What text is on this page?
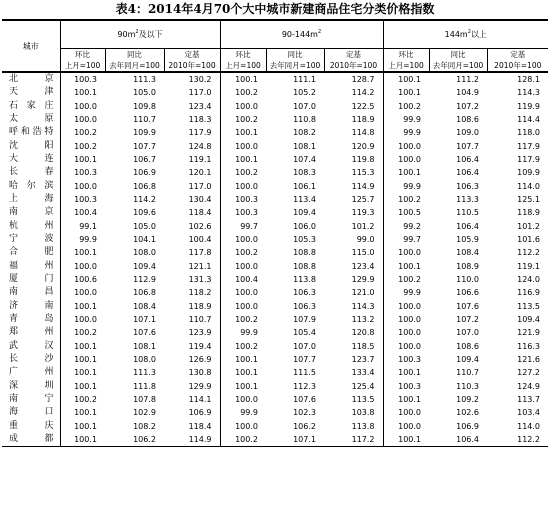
表4：2014年4月70个大中城市新建商品住宅分类价格指数
城市	$90m^2$及以下			$90-144m^2$			$144m^2$以上		
	环比	同比	定基	环比	同比	定基	环比	同比	定基
	上月=100	去年同月=100	2010年=100	上月=100	去年同月=100	2010年=100	上月=100	去年同月=100	2010年=100
北京	100.3	111.3	130.2	100.1	111.1	128.7	100.1	111.2	128.1
天津	100.1	105.0	117.0	100.2	105.2	114.2	100.1	104.9	114.3
石家庄	100.0	109.8	123.4	100.0	107.0	122.5	100.2	107.2	119.9
太原	100.0	110.7	118.3	100.2	110.8	118.9	99.9	108.6	114.4
呼和浩特	100.2	109.9	117.9	100.1	108.2	114.8	99.9	109.0	118.0
沈阳	100.2	107.7	124.8	100.0	108.1	120.9	100.0	107.7	117.9
大连	100.1	106.7	119.1	100.1	107.4	119.8	100.0	106.4	117.9
长春	100.3	106.9	120.1	100.2	108.3	115.3	100.1	106.4	109.9
哈尔滨	100.0	106.8	117.0	100.0	106.1	114.9	99.9	106.3	114.0
上海	100.3	114.2	130.4	100.3	113.4	125.7	100.2	113.3	125.1
南京	100.4	109.6	118.4	100.3	109.4	119.3	100.5	110.5	118.9
杭州	99.1	105.0	102.6	99.7	106.0	101.2	99.2	106.4	101.2
宁波	99.9	104.1	100.4	100.0	105.3	99.0	99.7	105.9	101.6
合肥	100.1	108.0	117.8	100.2	108.8	115.0	100.0	108.4	112.2
福州	100.0	109.4	121.1	100.0	108.8	123.4	100.1	108.9	119.1
厦门	100.6	112.9	131.3	100.4	113.8	129.9	100.2	110.0	124.0
南昌	100.0	106.8	118.2	100.0	106.3	121.0	99.9	106.6	116.9
济南	100.1	108.4	118.9	100.0	106.3	114.3	100.0	107.6	113.5
青岛	100.0	107.1	110.7	100.2	107.9	113.2	100.0	107.2	109.4
郑州	100.2	107.6	123.9	99.9	105.4	120.8	100.0	107.0	121.9
武汉	100.1	108.1	119.4	100.2	107.0	118.5	100.0	108.6	116.3
长沙	100.1	108.0	126.9	100.1	107.7	123.7	100.3	109.4	121.6
广州	100.1	111.3	130.8	100.1	111.5	133.4	100.1	110.7	127.2
深圳	100.1	111.8	129.9	100.1	112.3	125.4	100.3	110.3	124.9
南宁	100.2	107.8	114.1	100.0	107.6	113.5	100.1	109.2	113.7
海口	100.1	102.9	106.9	99.9	102.3	103.8	100.0	102.6	103.4
重庆	100.1	108.2	118.4	100.0	106.2	113.8	100.0	106.9	114.0
成都	100.1	106.2	114.9	100.2	107.1	117.2	100.1	106.4	112.2
